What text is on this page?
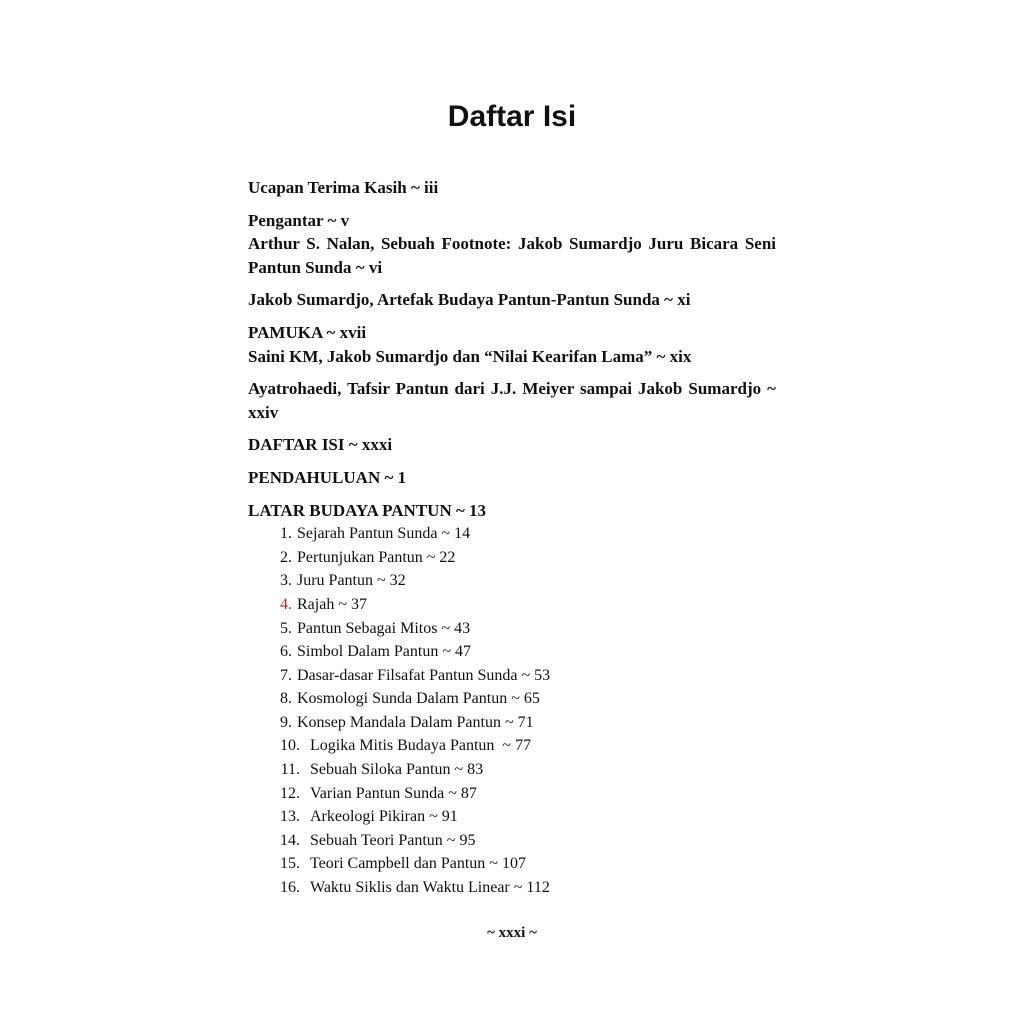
Daftar Isi
Ucapan Terima Kasih ~ iii
Pengantar ~ v
Arthur S. Nalan, Sebuah Footnote: Jakob Sumardjo Juru Bicara Seni Pantun Sunda ~ vi
Jakob Sumardjo, Artefak Budaya Pantun-Pantun Sunda ~ xi
PAMUKA ~ xvii
Saini KM, Jakob Sumardjo dan “Nilai Kearifan Lama” ~ xix
Ayatrohaedi, Tafsir Pantun dari J.J. Meiyer sampai Jakob Sumardjo ~ xxiv
DAFTAR ISI ~ xxxi
PENDAHULUAN ~ 1
LATAR BUDAYA PANTUN ~ 13
1. Sejarah Pantun Sunda ~ 14
2. Pertunjukan Pantun ~ 22
3. Juru Pantun ~ 32
4. Rajah ~ 37
5. Pantun Sebagai Mitos ~ 43
6. Simbol Dalam Pantun ~ 47
7. Dasar-dasar Filsafat Pantun Sunda ~ 53
8. Kosmologi Sunda Dalam Pantun ~ 65
9. Konsep Mandala Dalam Pantun ~ 71
10. Logika Mitis Budaya Pantun  ~ 77
11. Sebuah Siloka Pantun ~ 83
12. Varian Pantun Sunda ~ 87
13. Arkeologi Pikiran ~ 91
14. Sebuah Teori Pantun ~ 95
15. Teori Campbell dan Pantun ~ 107
16. Waktu Siklis dan Waktu Linear ~ 112
~ xxxi ~
